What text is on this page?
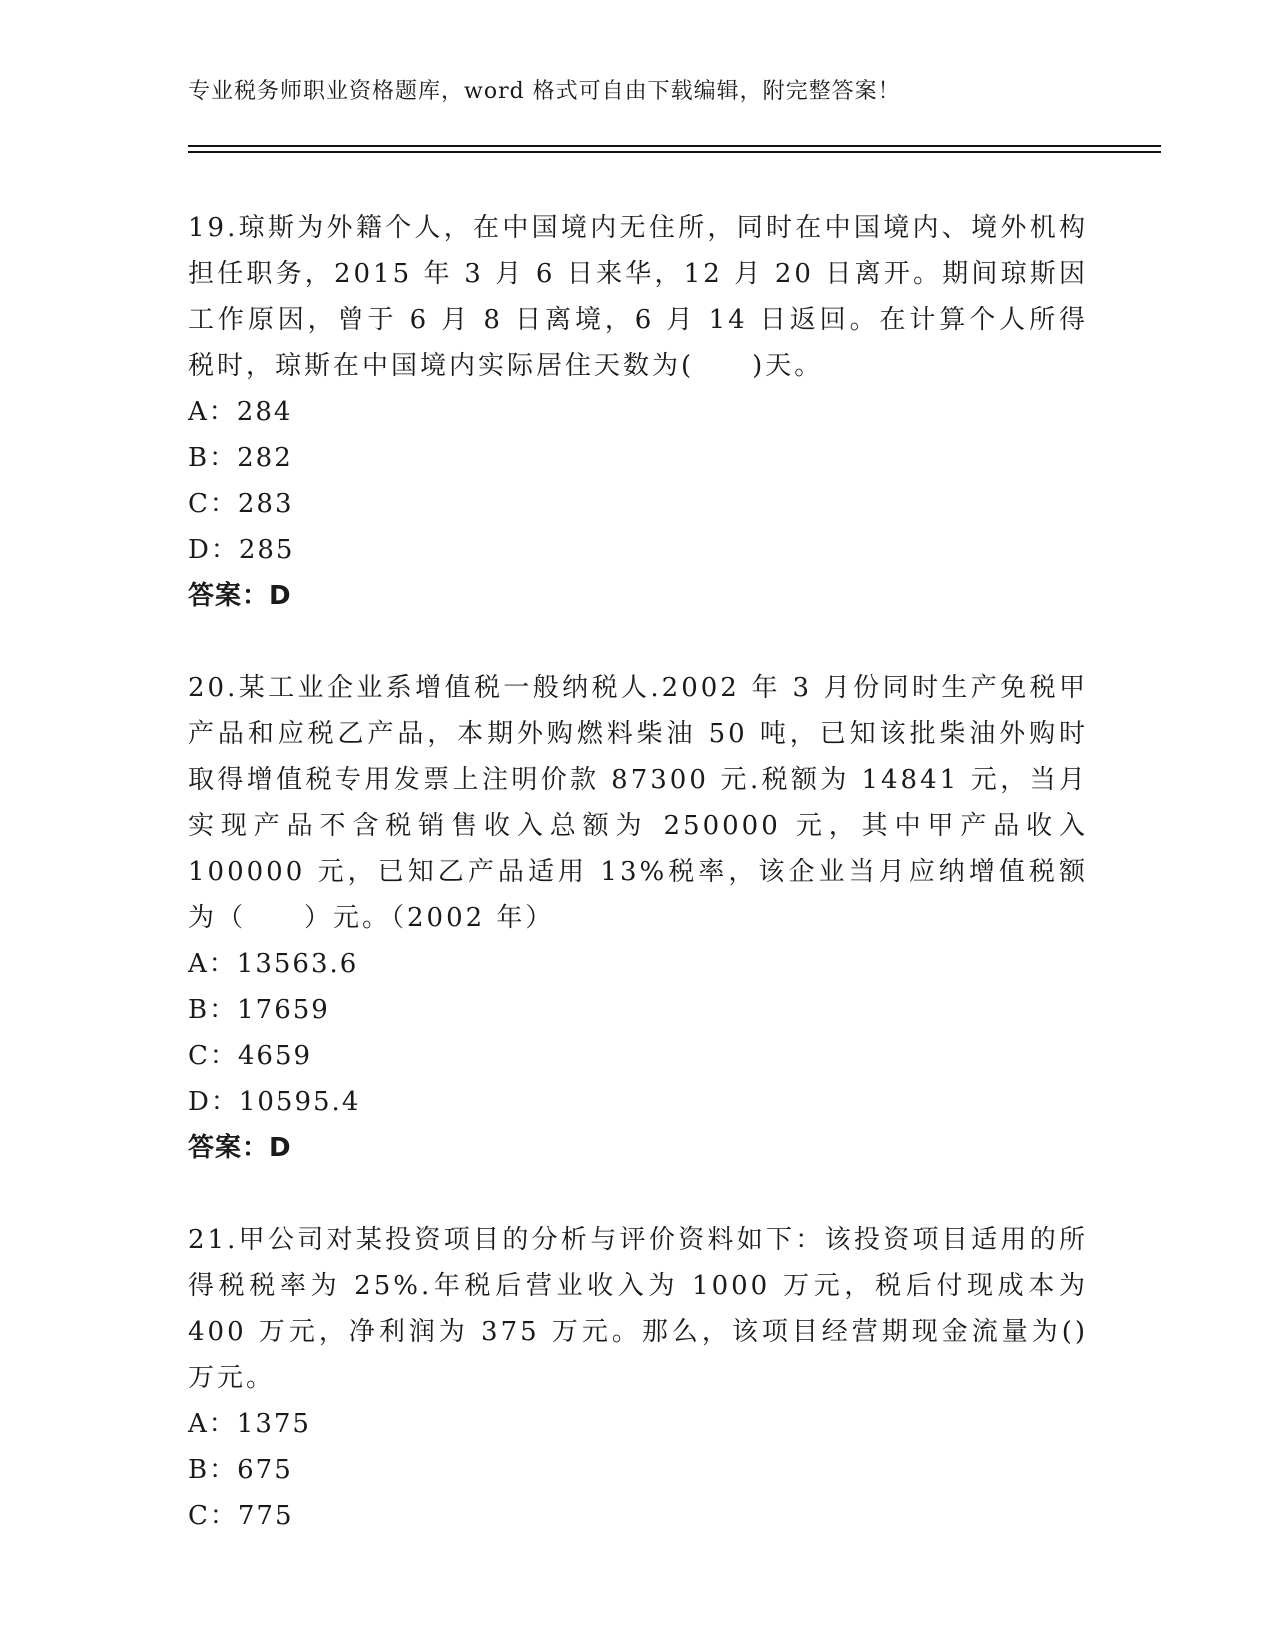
专业税务师职业资格题库，word 格式可自由下载编辑，附完整答案！
19.琼斯为外籍个人，在中国境内无住所，同时在中国境内、境外机构担任职务，2015 年 3 月 6 日来华，12 月 20 日离开。期间琼斯因工作原因，曾于 6 月 8 日离境，6 月 14 日返回。在计算个人所得税时，琼斯在中国境内实际居住天数为(　　)天。
A：284
B：282
C：283
D：285
答案：D
20.某工业企业系增值税一般纳税人.2002 年 3 月份同时生产免税甲产品和应税乙产品，本期外购燃料柴油 50 吨，已知该批柴油外购时取得增值税专用发票上注明价款 87300 元.税额为 14841 元，当月实现产品不含税销售收入总额为 250000 元，其中甲产品收入 100000 元，已知乙产品适用 13%税率，该企业当月应纳增值税额为（　　）元。（2002 年）
A：13563.6
B：17659
C：4659
D：10595.4
答案：D
21.甲公司对某投资项目的分析与评价资料如下：该投资项目适用的所得税税率为 25%.年税后营业收入为 1000 万元，税后付现成本为 400 万元，净利润为 375 万元。那么，该项目经营期现金流量为()万元。
A：1375
B：675
C：775
